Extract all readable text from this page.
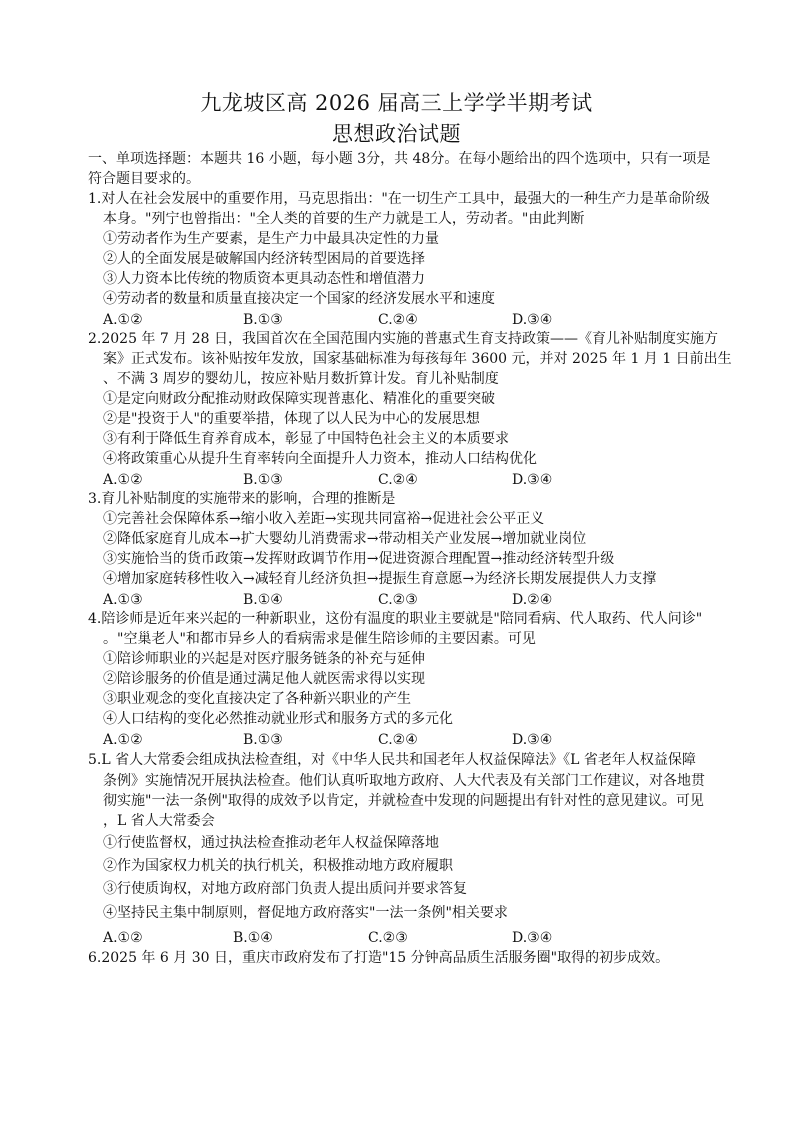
九龙坡区高 2026 届高三上学学半期考试
思想政治试题
一、单项选择题：本题共 16 小题，每小题 3分，共 48分。在每小题给出的四个选项中，只有一项是
符合题目要求的。
1.对人在社会发展中的重要作用，马克思指出："在一切生产工具中，最强大的一种生产力是革命阶级
本身。"列宁也曾指出："全人类的首要的生产力就是工人，劳动者。"由此判断
①劳动者作为生产要素，是生产力中最具决定性的力量
②人的全面发展是破解国内经济转型困局的首要选择
③人力资本比传统的物质资本更具动态性和增值潜力
④劳动者的数量和质量直接决定一个国家的经济发展水平和速度
A.①②	B.①③	C.②④	D.③④
2.2025 年 7 月 28 日，我国首次在全国范围内实施的普惠式生育支持政策——《育儿补贴制度实施方
案》正式发布。该补贴按年发放，国家基础标准为每孩每年 3600 元，并对 2025 年 1 月 1 日前出生
、不满 3 周岁的婴幼儿，按应补贴月数折算计发。育儿补贴制度
①是定向财政分配推动财政保障实现普惠化、精准化的重要突破
②是"投资于人"的重要举措，体现了以人民为中心的发展思想
③有利于降低生育养育成本，彰显了中国特色社会主义的本质要求
④将政策重心从提升生育率转向全面提升人力资本，推动人口结构优化
A.①②	B.①③	C.②④	D.③④
3.育儿补贴制度的实施带来的影响，合理的推断是
①完善社会保障体系→缩小收入差距→实现共同富裕→促进社会公平正义
②降低家庭育儿成本→扩大婴幼儿消费需求→带动相关产业发展→增加就业岗位
③实施恰当的货币政策→发挥财政调节作用→促进资源合理配置→推动经济转型升级
④增加家庭转移性收入→减轻育儿经济负担→提振生育意愿→为经济长期发展提供人力支撑
A.①③	B.①④	C.②③	D.②④
4.陪诊师是近年来兴起的一种新职业，这份有温度的职业主要就是"陪同看病、代人取药、代人问诊"
。"空巢老人"和都市异乡人的看病需求是催生陪诊师的主要因素。可见
①陪诊师职业的兴起是对医疗服务链条的补充与延伸
②陪诊服务的价值是通过满足他人就医需求得以实现
③职业观念的变化直接决定了各种新兴职业的产生
④人口结构的变化必然推动就业形式和服务方式的多元化
A.①②	B.①③	C.②④	D.③④
5.L 省人大常委会组成执法检查组，对《中华人民共和国老年人权益保障法》《L 省老年人权益保障
条例》实施情况开展执法检查。他们认真听取地方政府、人大代表及有关部门工作建议，对各地贯
彻实施"一法一条例"取得的成效予以肯定，并就检查中发现的问题提出有针对性的意见建议。可见
，L 省人大常委会
①行使监督权，通过执法检查推动老年人权益保障落地
②作为国家权力机关的执行机关，积极推动地方政府履职
③行使质询权，对地方政府部门负责人提出质问并要求答复
④坚持民主集中制原则，督促地方政府落实"一法一条例"相关要求
A.①②	B.①④	C.②③	D.③④
6.2025 年 6 月 30 日，重庆市政府发布了打造"15 分钟高品质生活服务圈"取得的初步成效。
